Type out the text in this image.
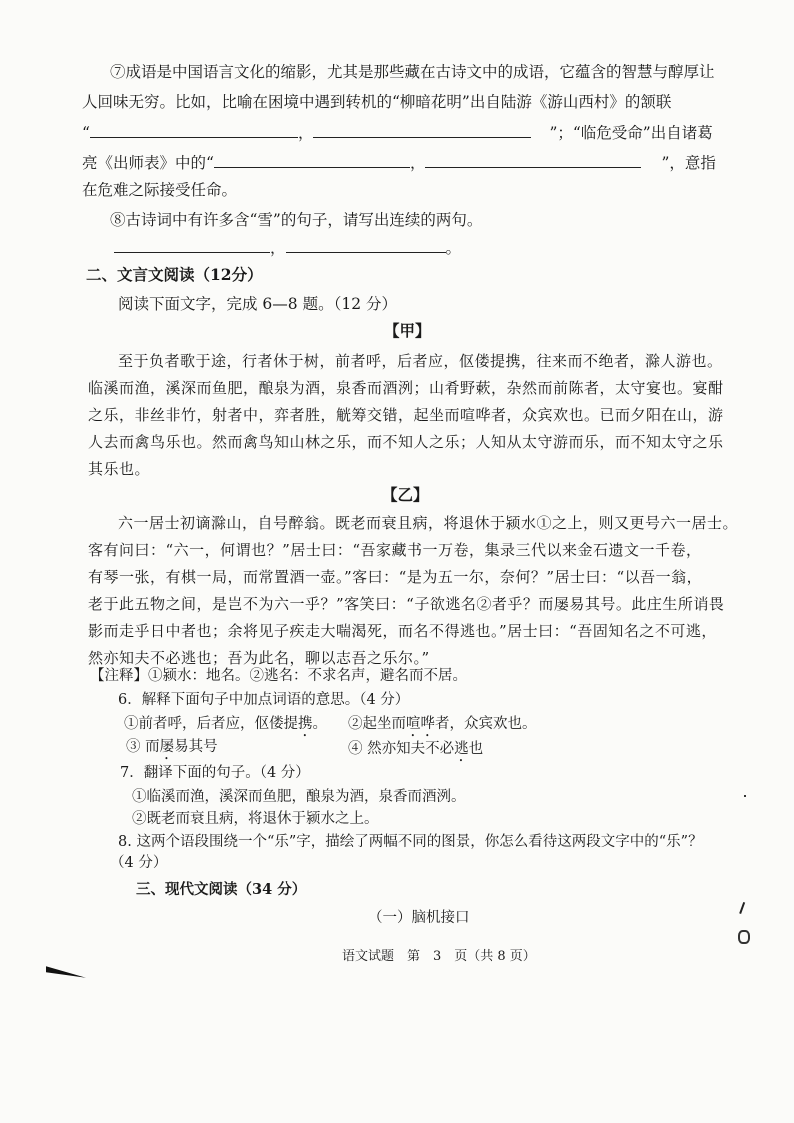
⑦成语是中国语言文化的缩影，尤其是那些藏在古诗文中的成语，它蕴含的智慧与醇厚让
人回味无穷。比如，比喻在困境中遇到转机的“柳暗花明”出自陆游《游山西村》的颔联
“	，	”；“临危受命”出自诸葛
亮《出师表》中的“	，	”，意指
在危难之际接受任命。
⑧古诗词中有许多含“雪”的句子，请写出连续的两句。
，	。
二、文言文阅读（12分）
阅读下面文字，完成 6—8 题。（12 分）
【甲】
至于负者歌于途，行者休于树，前者呼，后者应，伛偻提携，往来而不绝者，滁人游也。
临溪而渔，溪深而鱼肥，酿泉为酒，泉香而酒洌；山肴野蔌，杂然而前陈者，太守宴也。宴酣
之乐，非丝非竹，射者中，弈者胜，觥筹交错，起坐而喧哗者，众宾欢也。已而夕阳在山，游
人去而禽鸟乐也。然而禽鸟知山林之乐，而不知人之乐；人知从太守游而乐，而不知太守之乐
其乐也。
【乙】
六一居士初谪滁山，自号醉翁。既老而衰且病，将退休于颍水①之上，则又更号六一居士。
客有问曰：“六一，何谓也？”居士曰：“吾家藏书一万卷，集录三代以来金石遗文一千卷，
有琴一张，有棋一局，而常置酒一壶。”客曰：“是为五一尔，奈何？”居士曰：“以吾一翁，
老于此五物之间，是岂不为六一乎？”客笑曰：“子欲逃名②者乎？而屡易其号。此庄生所诮畏
影而走乎日中者也；余将见子疾走大喘渴死，而名不得逃也。”居士曰：“吾固知名之不可逃，
然亦知夫不必逃也；吾为此名，聊以志吾之乐尔。”
【注释】①颍水：地名。②逃名：不求名声，避名而不居。
6．解释下面句子中加点词语的意思。（4 分）
①前者呼，后者应，伛偻提携。 ②起坐而喧哗者，众宾欢也。
③ 而屡易其号	④ 然亦知夫不必逃也
7．翻译下面的句子。（4 分）
①临溪而渔，溪深而鱼肥，酿泉为酒，泉香而酒洌。
②既老而衰且病，将退休于颍水之上。
8. 这两个语段围绕一个“乐”字，描绘了两幅不同的图景，你怎么看待这两段文字中的“乐”？
（4 分）
三、现代文阅读（34 分）
（一）脑机接口
语文试题　第　3　页（共 8 页）
